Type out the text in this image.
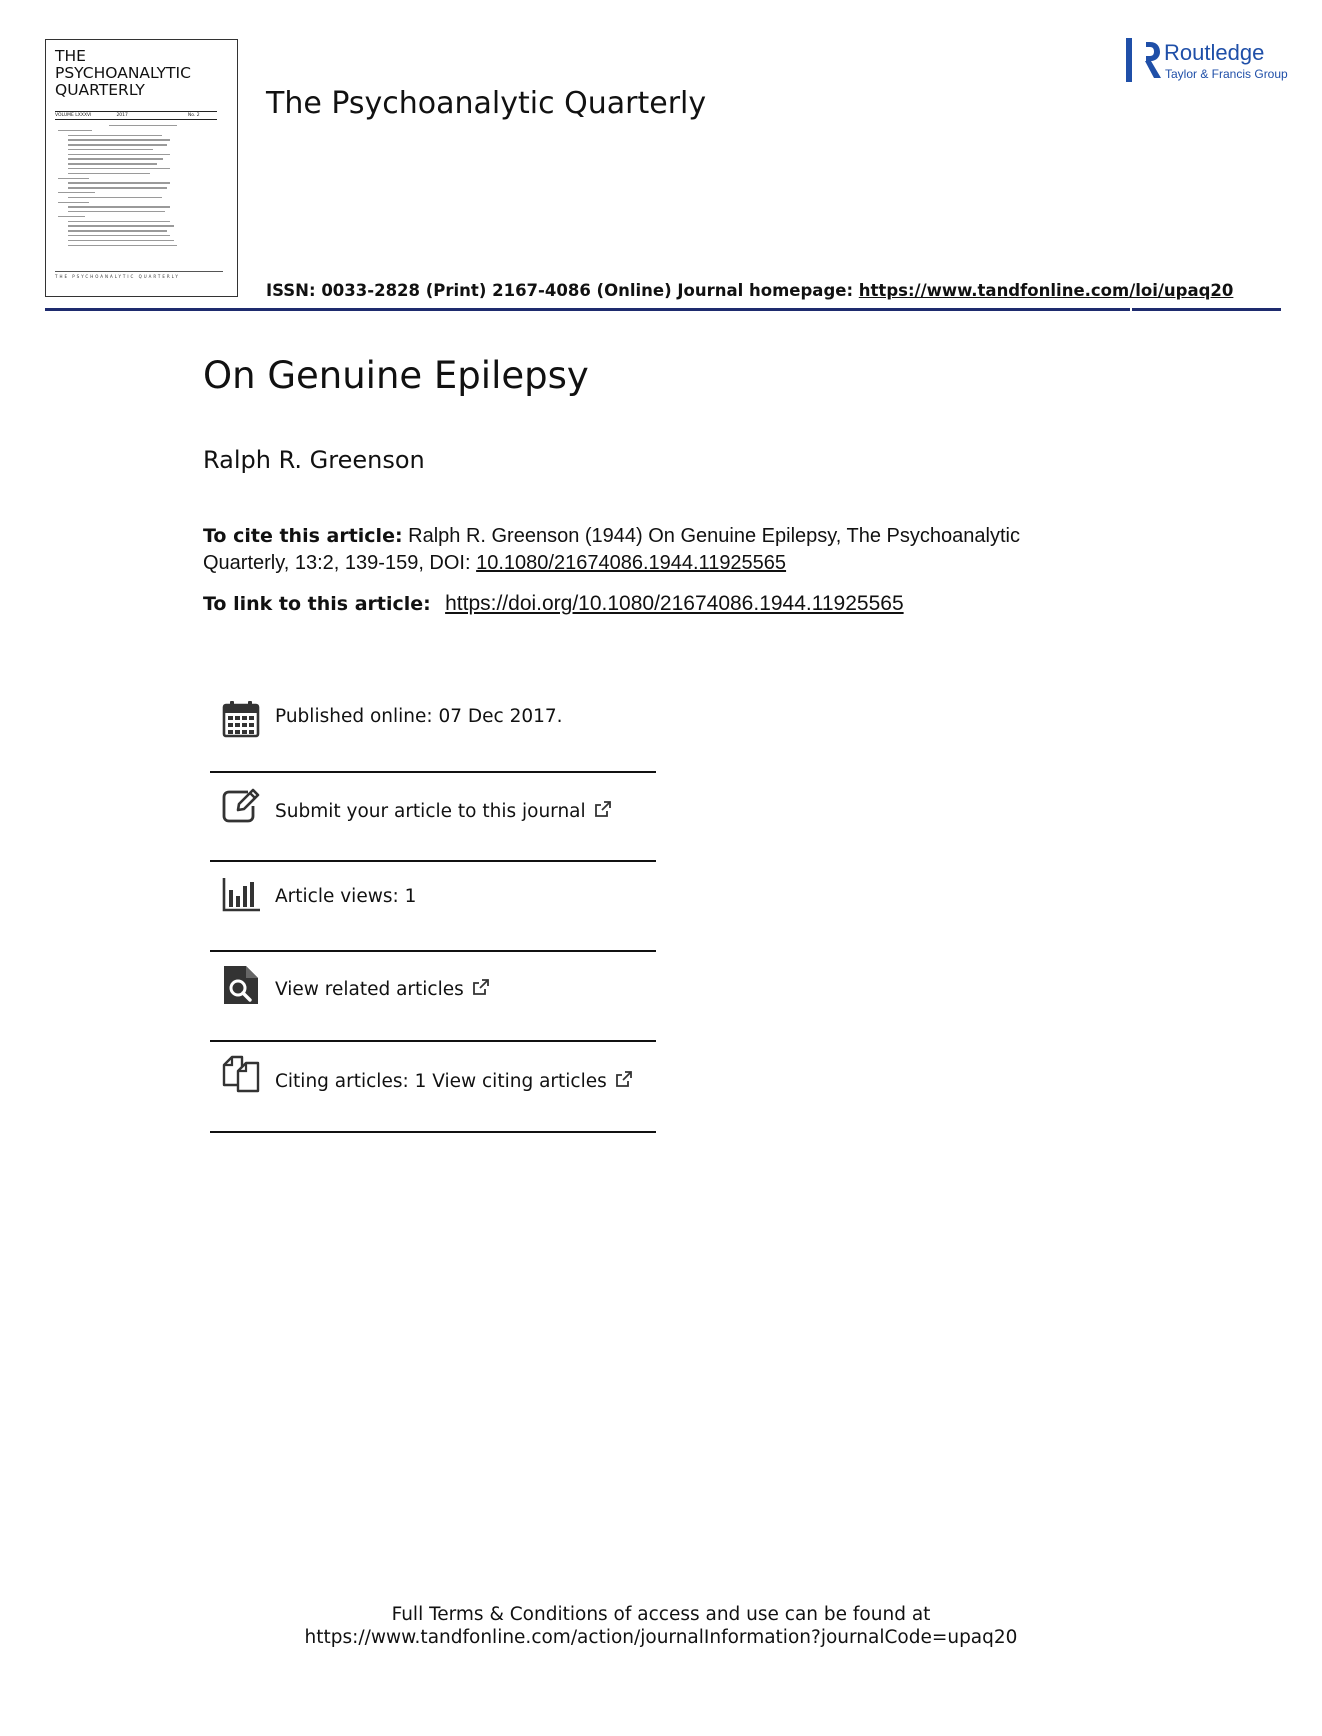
THE
PSYCHOANALYTIC
QUARTERLY
VOLUME LXXXVI	2017	No. 2
THE PSYCHOANALYTIC QUARTERLY
The Psychoanalytic Quarterly
Routledge
Taylor & Francis Group
ISSN: 0033-2828 (Print) 2167-4086 (Online) Journal homepage: https://www.tandfonline.com/loi/upaq20
On Genuine Epilepsy
Ralph R. Greenson
To cite this article: Ralph R. Greenson (1944) On Genuine Epilepsy, The Psychoanalytic
Quarterly, 13:2, 139-159, DOI: 10.1080/21674086.1944.11925565
To link to this article: https://doi.org/10.1080/21674086.1944.11925565
Published online: 07 Dec 2017.
Submit your article to this journal
Article views: 1
View related articles
Citing articles: 1 View citing articles
Full Terms & Conditions of access and use can be found at
https://www.tandfonline.com/action/journalInformation?journalCode=upaq20
